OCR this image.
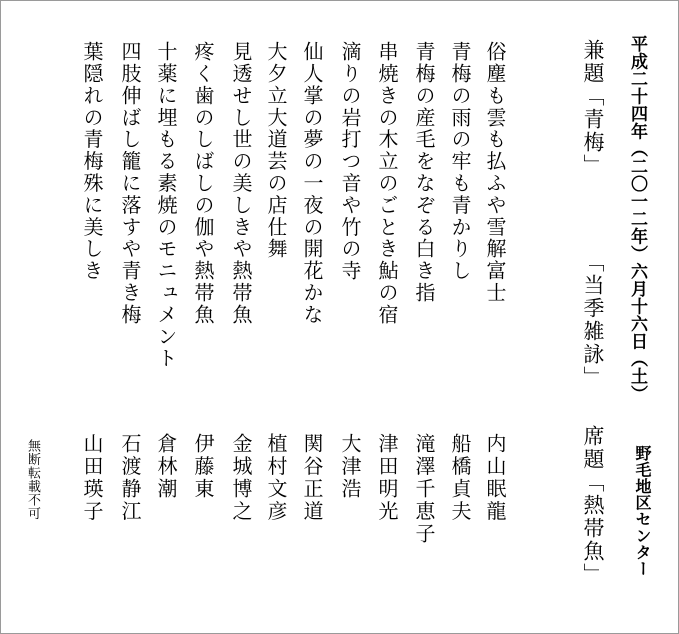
平成二十四年（二〇一二年）六月十六日（土）
野毛地区センター
兼題「青梅」
「当季雑詠」
席題「熱帯魚」
俗塵も雲も払ふや雪解富士
内山眠龍
青梅の雨の牢も青かりし
船橋貞夫
青梅の産毛をなぞる白き指
滝澤千恵子
串焼きの木立のごとき鮎の宿
津田明光
滴りの岩打つ音や竹の寺
大津浩
仙人掌の夢の一夜の開花かな
関谷正道
大夕立大道芸の店仕舞
植村文彦
見透せし世の美しきや熱帯魚
金城博之
疼く歯のしばしの伽や熱帯魚
伊藤東
十薬に埋もる素焼のモニュメント
倉林潮
四肢伸ばし籠に落すや青き梅
石渡静江
葉隠れの青梅殊に美しき
山田瑛子
無断転載不可
